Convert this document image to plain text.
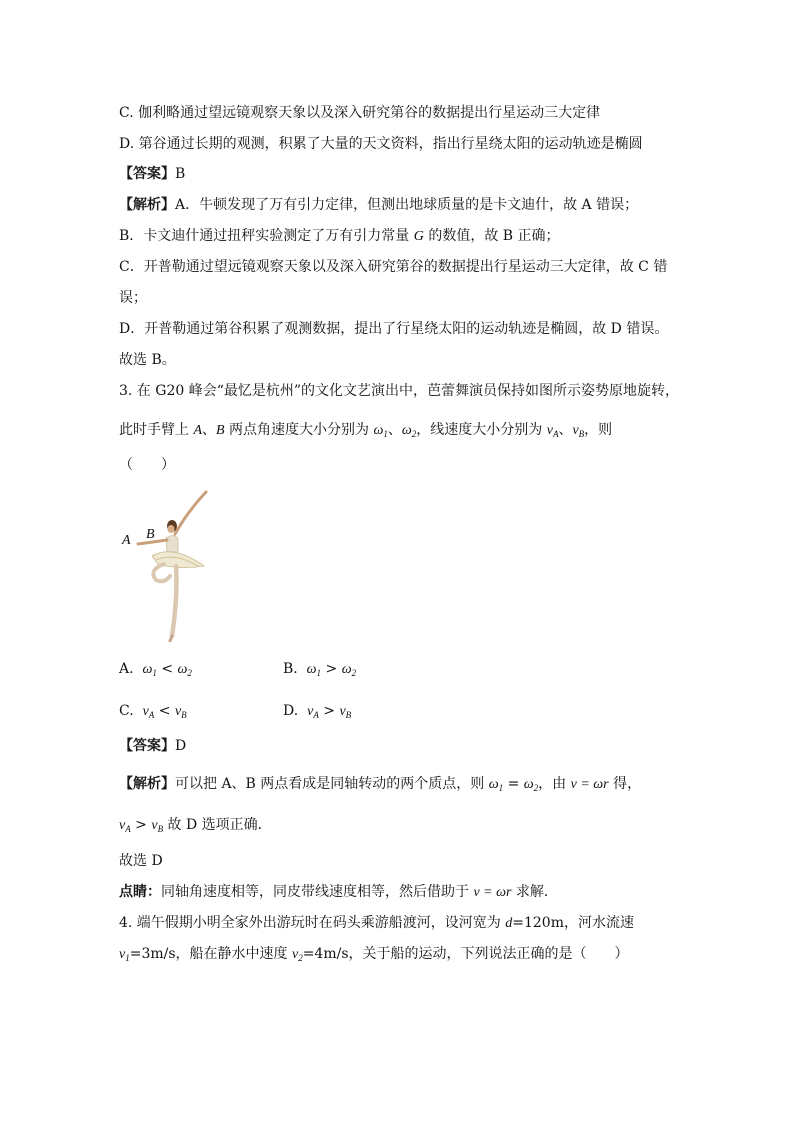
C. 伽利略通过望远镜观察天象以及深入研究第谷的数据提出行星运动三大定律
D. 第谷通过长期的观测，积累了大量的天文资料，指出行星绕太阳的运动轨迹是椭圆
【答案】B
【解析】A．牛顿发现了万有引力定律，但测出地球质量的是卡文迪什，故 A 错误；
B．卡文迪什通过扭秤实验测定了万有引力常量 G 的数值，故 B 正确；
C．开普勒通过望远镜观察天象以及深入研究第谷的数据提出行星运动三大定律，故 C 错
误；
D．开普勒通过第谷积累了观测数据，提出了行星绕太阳的运动轨迹是椭圆，故 D 错误。
故选 B。
3. 在 G20 峰会“最忆是杭州”的文化文艺演出中，芭蕾舞演员保持如图所示姿势原地旋转，
此时手臂上 A、B 两点角速度大小分别为 $\omega_1$、$\omega_2$，线速度大小分别为 $v_A$、$v_B$，则
（　　）
A B
A. $\omega_1 < \omega_2$	B. $\omega_1 > \omega_2$
C. $v_A < v_B$	D. $v_A > v_B$
【答案】D
【解析】可以把 A、B 两点看成是同轴转动的两个质点，则 $\omega_1 = \omega_2$，由 v = ωr 得，
$v_A > v_B$ 故 D 选项正确．
故选 D
点睛：同轴角速度相等，同皮带线速度相等，然后借助于 v = ωr 求解．
4. 端午假期小明全家外出游玩时在码头乘游船渡河，设河宽为 d=120m，河水流速
$v_1=3m/s$，船在静水中速度 $v_2=4m/s$，关于船的运动，下列说法正确的是（　　）
